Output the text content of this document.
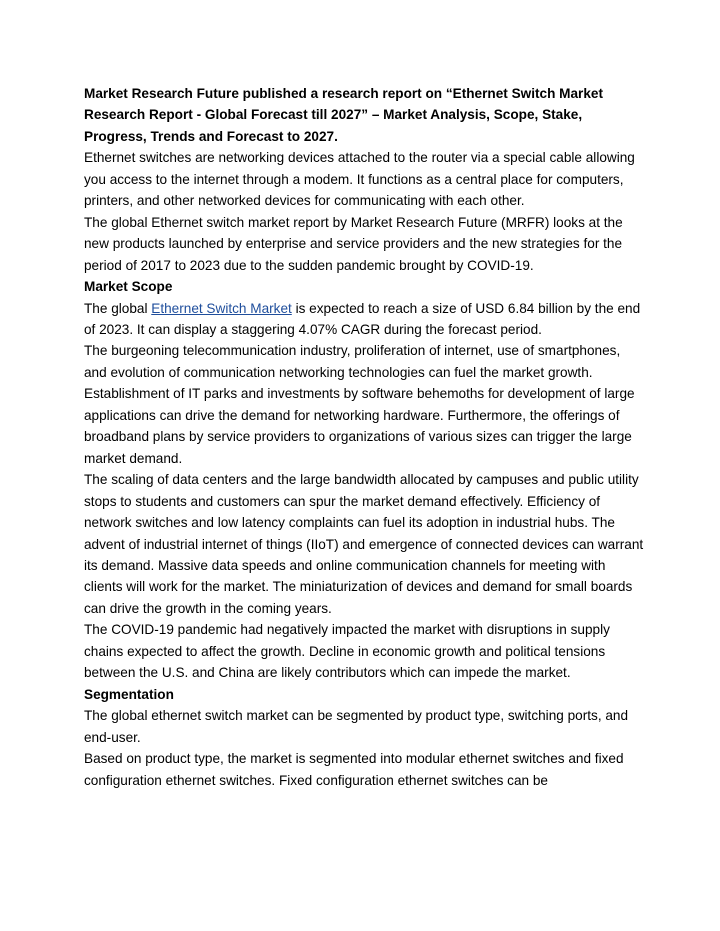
Market Research Future published a research report on “Ethernet Switch Market Research Report - Global Forecast till 2027” – Market Analysis, Scope, Stake, Progress, Trends and Forecast to 2027.

Ethernet switches are networking devices attached to the router via a special cable allowing you access to the internet through a modem. It functions as a central place for computers, printers, and other networked devices for communicating with each other.

The global Ethernet switch market report by Market Research Future (MRFR) looks at the new products launched by enterprise and service providers and the new strategies for the period of 2017 to 2023 due to the sudden pandemic brought by COVID-19.

Market Scope

The global Ethernet Switch Market is expected to reach a size of USD 6.84 billion by the end of 2023. It can display a staggering 4.07% CAGR during the forecast period.

The burgeoning telecommunication industry, proliferation of internet, use of smartphones, and evolution of communication networking technologies can fuel the market growth. Establishment of IT parks and investments by software behemoths for development of large applications can drive the demand for networking hardware. Furthermore, the offerings of broadband plans by service providers to organizations of various sizes can trigger the large market demand.

The scaling of data centers and the large bandwidth allocated by campuses and public utility stops to students and customers can spur the market demand effectively. Efficiency of network switches and low latency complaints can fuel its adoption in industrial hubs. The advent of industrial internet of things (IIoT) and emergence of connected devices can warrant its demand. Massive data speeds and online communication channels for meeting with clients will work for the market. The miniaturization of devices and demand for small boards can drive the growth in the coming years.

The COVID-19 pandemic had negatively impacted the market with disruptions in supply chains expected to affect the growth. Decline in economic growth and political tensions between the U.S. and China are likely contributors which can impede the market.

Segmentation

The global ethernet switch market can be segmented by product type, switching ports, and end-user.

Based on product type, the market is segmented into modular ethernet switches and fixed configuration ethernet switches. Fixed configuration ethernet switches can be
